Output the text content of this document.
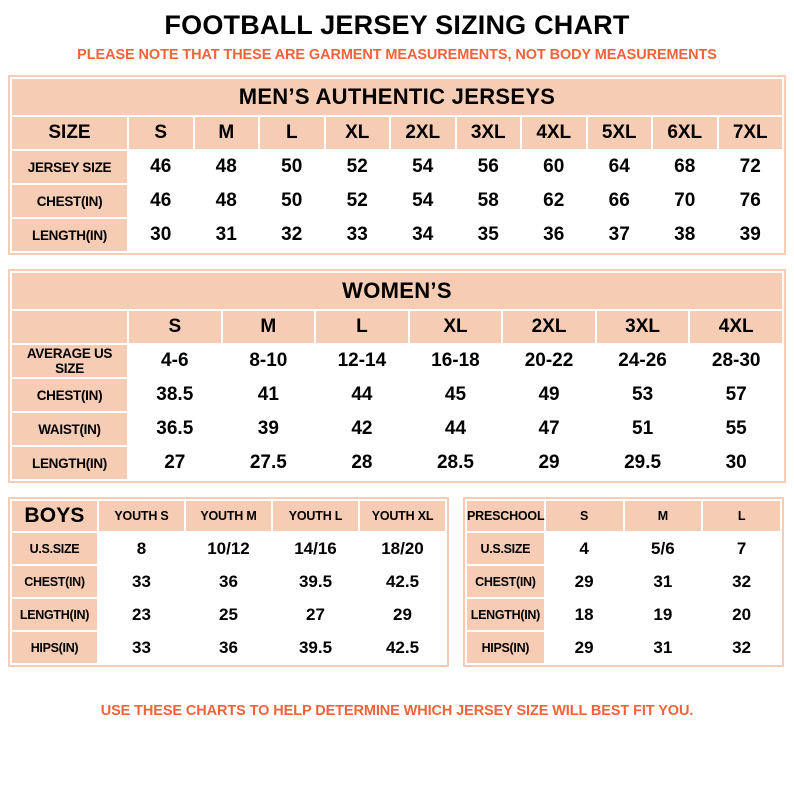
FOOTBALL JERSEY SIZING CHART
PLEASE NOTE THAT THESE ARE GARMENT MEASUREMENTS, NOT BODY MEASUREMENTS
MEN’S AUTHENTIC JERSEYS										
SIZE	S	M	L	XL	2XL	3XL	4XL	5XL	6XL	7XL
JERSEY SIZE	46	48	50	52	54	56	60	64	68	72
CHEST(IN)	46	48	50	52	54	58	62	66	70	76
LENGTH(IN)	30	31	32	33	34	35	36	37	38	39
WOMEN’S							
	S	M	L	XL	2XL	3XL	4XL
AVERAGE US SIZE	4-6	8-10	12-14	16-18	20-22	24-26	28-30
CHEST(IN)	38.5	41	44	45	49	53	57
WAIST(IN)	36.5	39	42	44	47	51	55
LENGTH(IN)	27	27.5	28	28.5	29	29.5	30
BOYS	YOUTH S	YOUTH M	YOUTH L	YOUTH XL
U.S.SIZE	8	10/12	14/16	18/20
CHEST(IN)	33	36	39.5	42.5
LENGTH(IN)	23	25	27	29
HIPS(IN)	33	36	39.5	42.5
PRESCHOOL	S	M	L
U.S.SIZE	4	5/6	7
CHEST(IN)	29	31	32
LENGTH(IN)	18	19	20
HIPS(IN)	29	31	32
USE THESE CHARTS TO HELP DETERMINE WHICH JERSEY SIZE WILL BEST FIT YOU.
